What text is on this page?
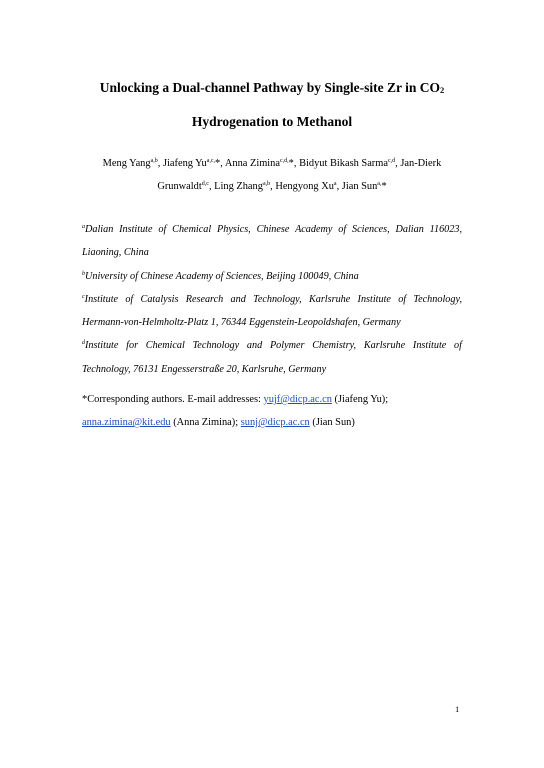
Unlocking a Dual-channel Pathway by Single-site Zr in CO2
Hydrogenation to Methanol
Meng Yang$^{a,b}$, Jiafeng $Yu^{a,c,}*$, Anna Zimina$^{c,d,}$*, Bidyut Bikash Sarma$^{c,d}$, Jan-Dierk
Grunwaldt$^{d,c}$, Ling Zhang$^{a,b}$, Hengyong Xu$^a$, Jian Sun$^{a,}$*

$^a$Dalian Institute of Chemical Physics, Chinese Academy of Sciences, Dalian 116023,
Liaoning, China

$^b$University of Chinese Academy of Sciences, Beijing 100049, China

$^c$Institute of Catalysis Research and Technology, Karlsruhe Institute of Technology,
Hermann-von-Helmholtz-Platz 1, 76344 Eggenstein-Leopoldshafen, Germany

$^d$Institute for Chemical Technology and Polymer Chemistry, Karlsruhe Institute of
Technology, 76131 Engesserstraße 20, Karlsruhe, Germany

*Corresponding authors. E-mail addresses: yujf@dicp.ac.cn (Jiafeng Yu);
anna.zimina@kit.edu (Anna Zimina); sunj@dicp.ac.cn (Jian Sun)
1
